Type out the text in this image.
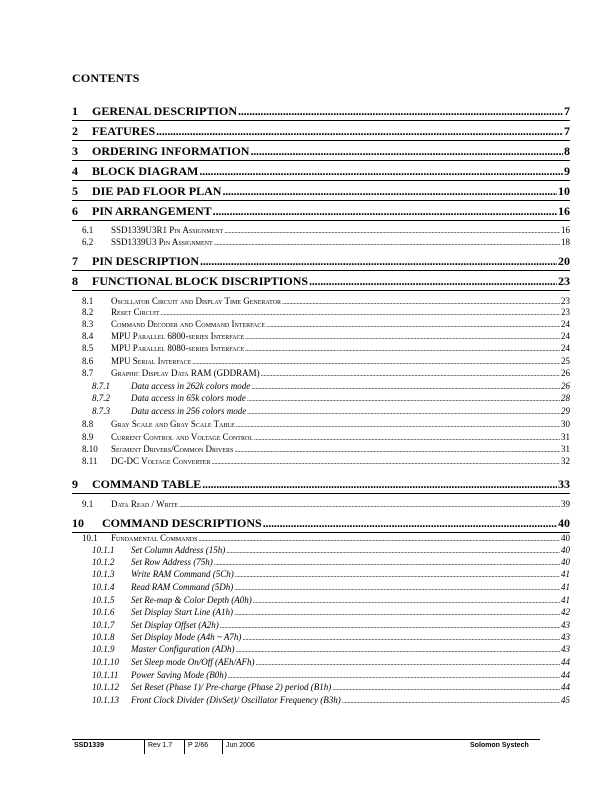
CONTENTS
1	GERENAL DESCRIPTION .....	7
2	FEATURES .....	7
3	ORDERING INFORMATION .....	8
4	BLOCK DIAGRAM .....	9
5	DIE PAD FLOOR PLAN .....	10
6	PIN ARRANGEMENT .....	16
6.1	SSD1339U3R1 Pin Assignment .....	16
6.2	SSD1339U3 Pin Assignment .....	18
7	PIN DESCRIPTION .....	20
8	FUNCTIONAL BLOCK DISCRIPTIONS .....	23
8.1	Oscillator Circuit and Display Time Generator .....	23
8.2	Reset Circuit .....	23
8.3	Command Decoder and Command Interface .....	24
8.4	MPU Parallel 6800-series Interface .....	24
8.5	MPU Parallel 8080-series Interface .....	24
8.6	MPU Serial Interface .....	25
8.7	Graphic Display Data RAM (GDDRAM) .....	26
8.7.1	Data access in 262k colors mode .....	26
8.7.2	Data access in 65k colors mode .....	28
8.7.3	Data access in 256 colors mode .....	29
8.8	Gray Scale and Gray Scale Table .....	30
8.9	Current Control and Voltage Control .....	31
8.10	Segment Drivers/Common Drivers .....	31
8.11	DC-DC Voltage Converter .....	32
9	COMMAND TABLE .....	33
9.1	Data Read / Write .....	39
10	COMMAND DESCRIPTIONS .....	40
10.1	Fundamental Commands .....	40
10.1.1	Set Column Address (15h) .....	40
10.1.2	Set Row Address (75h) .....	40
10.1.3	Write RAM Command (5Ch) .....	41
10.1.4	Read RAM Command (5Dh) .....	41
10.1.5	Set Re-map & Color Depth (A0h) .....	41
10.1.6	Set Display Start Line (A1h) .....	42
10.1.7	Set Display Offset (A2h) .....	43
10.1.8	Set Display Mode (A4h ~ A7h) .....	43
10.1.9	Master Configuration (ADh) .....	43
10.1.10	Set Sleep mode On/Off (AEh/AFh) .....	44
10.1.11	Power Saving Mode (B0h) .....	44
10.1.12	Set Reset (Phase 1)/ Pre-charge (Phase 2) period (B1h) .....	44
10.1.13	Front Clock Divider (DivSet)/ Oscillator Frequency (B3h) .....	45
SSD1339	Rev 1.7 P 2/66	Jun 2006	Solomon Systech
